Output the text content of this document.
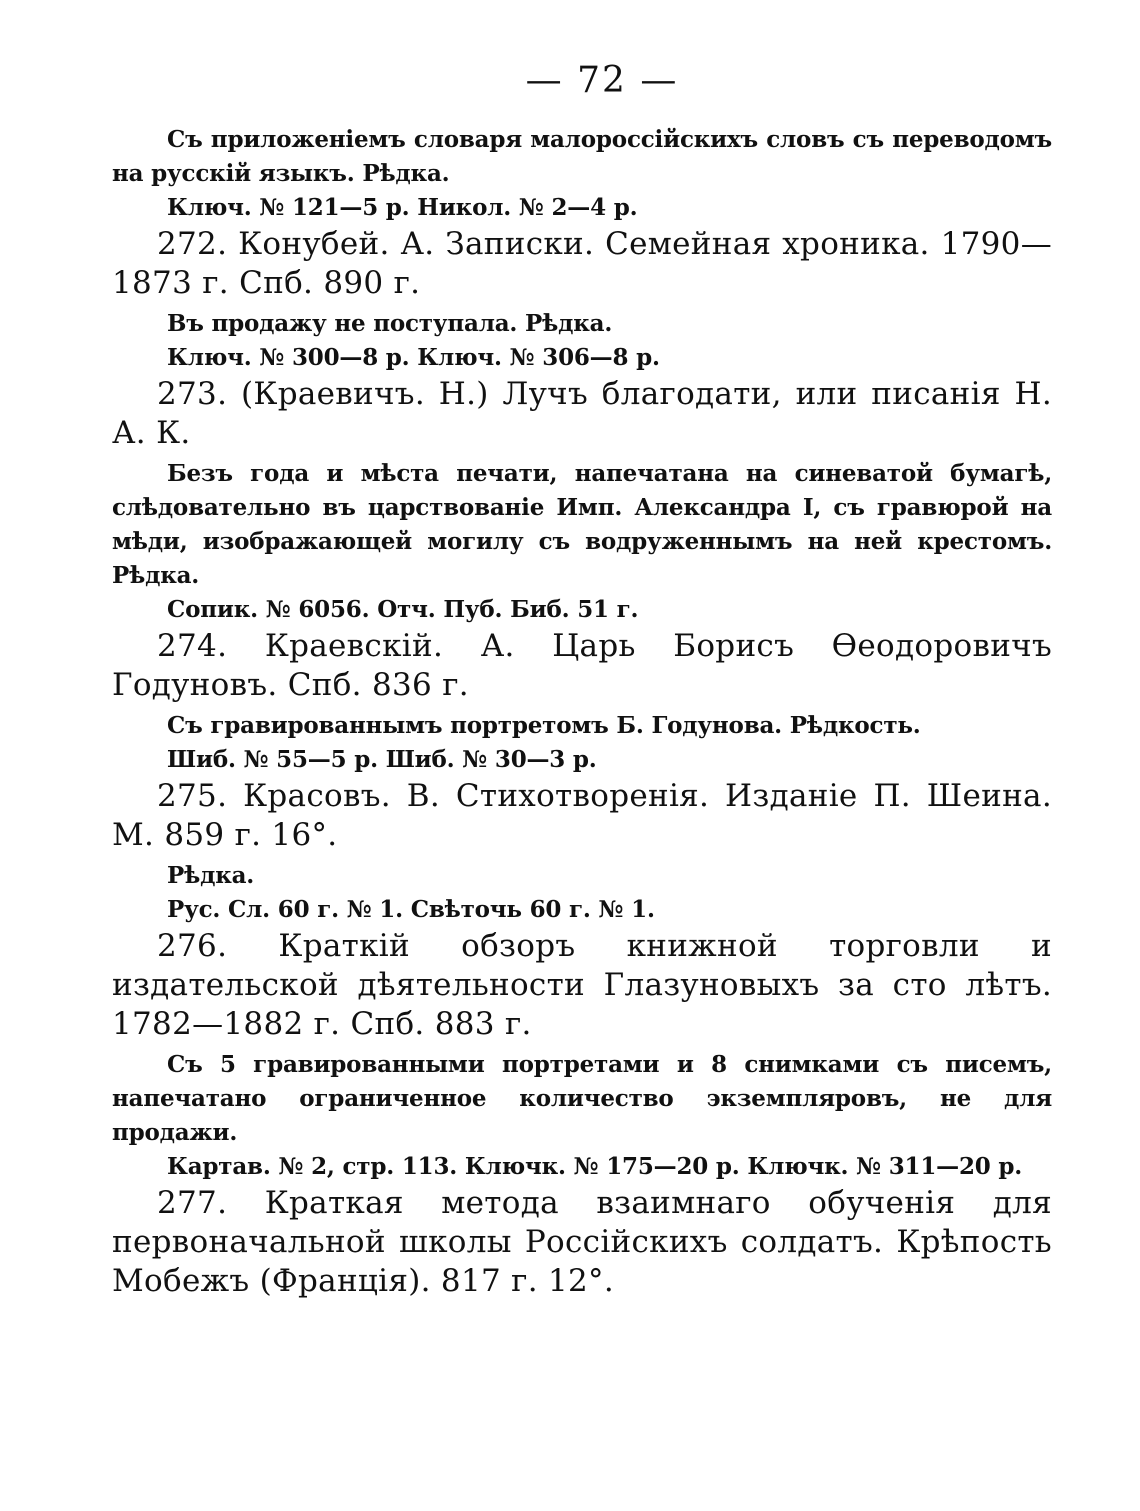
— 72 —

Съ приложеніемъ словаря малороссійскихъ словъ съ переводомъ на русскій языкъ. Рѣдка.

Ключ. № 121—5 р. Никол. № 2—4 р.

272. Конубей. А. Записки. Семейная хроника. 1790—1873 г. Спб. 890 г.

Въ продажу не поступала. Рѣдка.

Ключ. № 300—8 р. Ключ. № 306—8 р.

273. (Краевичъ. Н.) Лучъ благодати, или писанія Н. А. К.

Безъ года и мѣста печати, напечатана на синеватой бумагѣ, слѣдовательно въ царствованіе Имп. Александра I, съ гравюрой на мѣди, изображающей могилу съ водруженнымъ на ней крестомъ. Рѣдка.

Сопик. № 6056. Отч. Пуб. Биб. 51 г.

274. Краевскій. А. Царь Борисъ Ѳеодоровичъ Годуновъ. Спб. 836 г.

Съ гравированнымъ портретомъ Б. Годунова. Рѣдкость.

Шиб. № 55—5 р. Шиб. № 30—3 р.

275. Красовъ. В. Стихотворенія. Изданіе П. Шеина. М. 859 г. 16°.

Рѣдка.

Рус. Сл. 60 г. № 1. Свѣточь 60 г. № 1.

276. Краткій обзоръ книжной торговли и издательской дѣятельности Глазуновыхъ за сто лѣтъ. 1782—1882 г. Спб. 883 г.

Съ 5 гравированными портретами и 8 снимками съ писемъ, напечатано ограниченное количество экземпляровъ, не для продажи.

Картав. № 2, стр. 113. Ключк. № 175—20 р. Ключк. № 311—20 р.

277. Краткая метода взаимнаго обученія для первоначальной школы Россійскихъ солдатъ. Крѣпость Мобежъ (Францiя). 817 г. 12°.
